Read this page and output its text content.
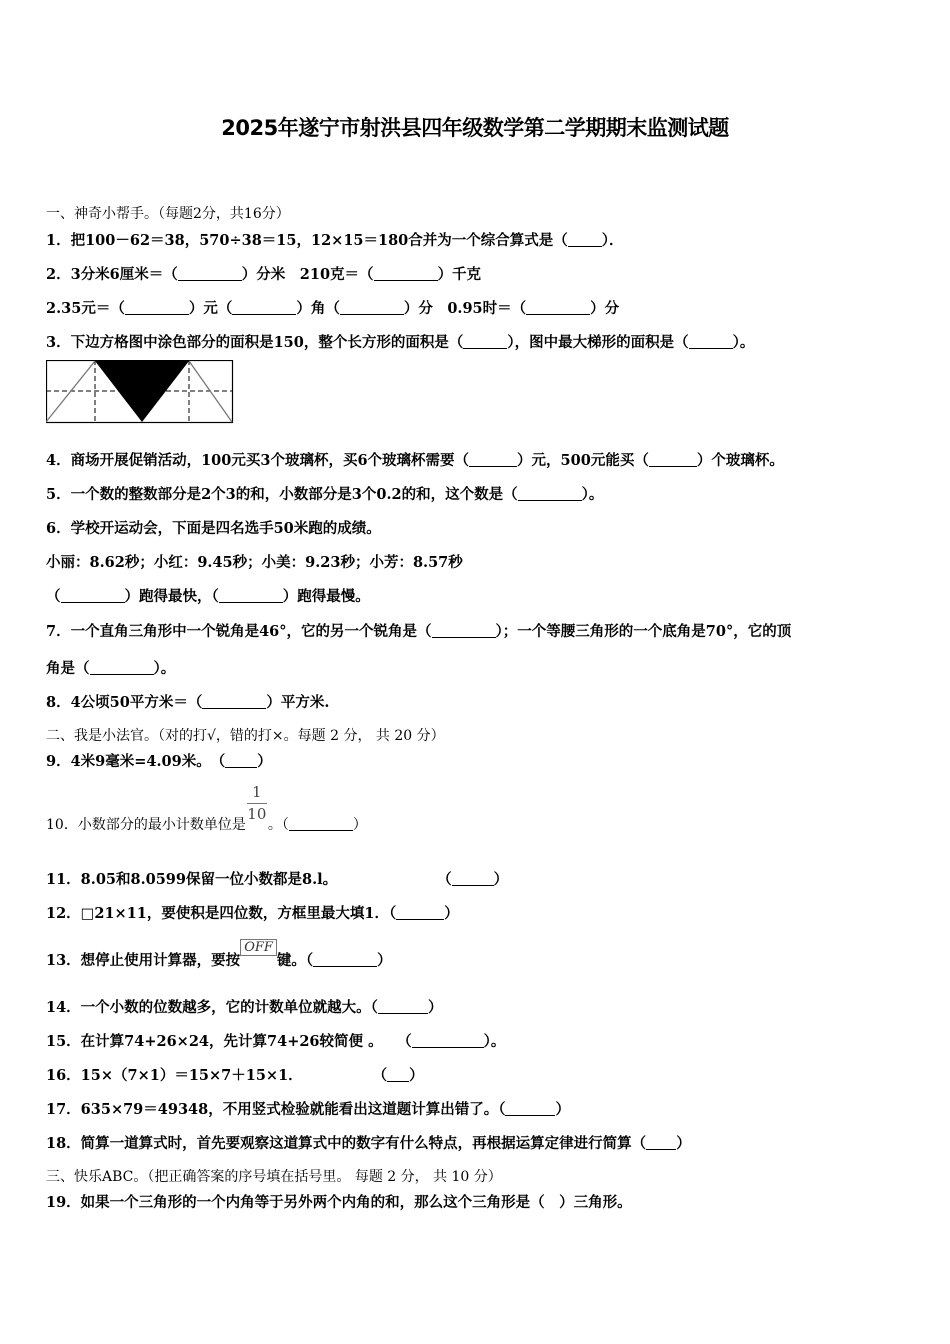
2025年遂宁市射洪县四年级数学第二学期期末监测试题
一、神奇小帮手。（每题2分，共16分）
1．把100－62＝38，570÷38＝15，12×15＝180合并为一个综合算式是（ ）．
2．3分米6厘米＝（	）分米　210克＝（	）千克
2.35元＝（	）元（	）角（	）分　0.95时＝（	）分
3．下边方格图中涂色部分的面积是150，整个长方形的面积是（	），图中最大梯形的面积是（	）。
4．商场开展促销活动，100元买3个玻璃杯，买6个玻璃杯需要（	）元，500元能买（	）个玻璃杯。
5．一个数的整数部分是2个3的和，小数部分是3个0.2的和，这个数是（	）。
6．学校开运动会，下面是四名选手50米跑的成绩。
小丽：8.62秒；小红：9.45秒；小美：9.23秒；小芳：8.57秒
（	）跑得最快，（	）跑得最慢。
7．一个直角三角形中一个锐角是46°，它的另一个锐角是（	）；一个等腰三角形的一个底角是70°，它的顶
角是（	）。
8．4公顷50平方米＝（	）平方米.
二、我是小法官。（对的打√，错的打×。每题 2 分， 共 20 分）
9．4米9毫米=4.09米。　（ ）
10．小数部分的最小计数单位是 $\frac{1}{10}$ 。（	）
11．8.05和8.0599保留一位小数都是8.l。	（	）
12．□21×11，要使积是四位数，方框里最大填1．（	）
13．想停止使用计算器，要按OFF键。（	）
14．一个小数的位数越多，它的计数单位就越大。（	）
15．在计算74+26×24，先计算74+26较简便 。　　（	）。
16．15×（7×1）＝15×7＋15×1．	（ ）
17．635×79＝49348，不用竖式检验就能看出这道题计算出错了。（	）
18．简算一道算式时，首先要观察这道算式中的数字有什么特点，再根据运算定律进行简算（ ）
三、快乐ABC。（把正确答案的序号填在括号里。 每题 2 分， 共 10 分）
19．如果一个三角形的一个内角等于另外两个内角的和，那么这个三角形是（　）三角形。
